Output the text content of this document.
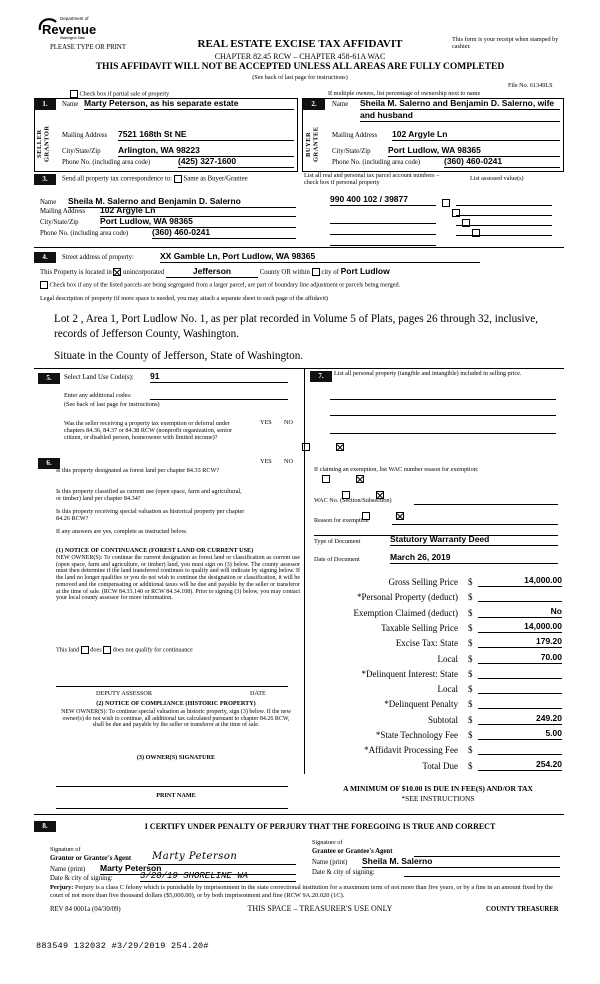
Department of
Revenue
Washington State
PLEASE TYPE OR PRINT	REAL ESTATE EXCISE TAX AFFIDAVIT
CHAPTER 82.45 RCW – CHAPTER 458-61A WAC
THIS AFFIDAVIT WILL NOT BE ACCEPTED UNLESS ALL AREAS ARE FULLY COMPLETED
(See back of last page for instructions)
This form is your receipt when stamped by cashier.
File No. 61349LS
Check box if partial sale of property	If multiple owners, list percentage of ownership next to name
1.
SELLER GRANTOR
Name Marty Peterson, as his separate estate
Mailing Address 7521 168th St NE
City/State/Zip Arlington, WA 98223
Phone No. (including area code)	(425) 327-1600
2.
BUYER GRANTEE
Name Sheila M. Salerno and Benjamin D. Salerno, wife
and husband
Mailing Address 102 Argyle Ln
City/State/Zip Port Ludlow, WA 98365
Phone No. (including area code)	(360) 460-0241
3.	Send all property tax correspondence to: Same as Buyer/Grantee
List all real and personal tax parcel account numbers – check box if personal property
List assessed value(s)
Name Sheila M. Salerno and Benjamin D. Salerno
Mailing Address 102 Argyle Ln
City/State/Zip	Port Ludlow, WA 98365
Phone No. (including area code)	(360) 460-0241
990 400 102 / 39877

4.	Street address of property:	XX Gamble Ln, Port Ludlow, WA 98365
This Property is located in unincorporated	Jefferson	County OR within city of Port Ludlow
Check box if any of the listed parcels are being segregated from a larger parcel, are part of boundary line adjustment or parcels being merged.
Legal description of property (if more space is needed, you may attach a separate sheet to each page of the affidavit)
Lot 2 , Area 1, Port Ludlow No. 1, as per plat recorded in Volume 5 of Plats, pages 26 through 32, inclusive, records of Jefferson County, Washington.
Situate in the County of Jefferson, State of Washington.
5.	Select Land Use Code(s): 91
Enter any additional codes:
(See back of last page for instructions)
YES NO
Was the seller receiving a property tax exemption or deferral under chapters 84.36, 84.37 or 84.38 RCW (nonprofit organization, senior citizen, or disabled person, homeowner with limited income)?

6.	YES NO
Is this property designated as forest land per chapter 84.33 RCW?

Is this property classified as current use (open space, farm and agricultural, or timber) land per chapter 84.34?

Is this property receiving special valuation as historical property per chapter 84.26 RCW?

If any answers are yes, complete as instructed below.
(1) NOTICE OF CONTINUANCE (FOREST LAND OR CURRENT USE)
NEW OWNER(S): To continue the current designation as forest land or classification as current use (open space, farm and agriculture, or timber) land, you must sign on (3) below. The county assessor must then determine if the land transferred continues to qualify and will indicate by signing below. If the land no longer qualifies or you do not wish to continue the designation or classification, it will be removed and the compensating or additional taxes will be due and payable by the seller or transferor at the time of sale. (RCW 84.33.140 or RCW 84.34.108). Prior to signing (3) below, you may contact your local county assessor for more information.
This land does does not qualify for continuance
DEPUTY ASSESSOR	DATE
(2) NOTICE OF COMPLIANCE (HISTORIC PROPERTY)
NEW OWNER(S): To continue special valuation as historic property, sign (3) below. If the new owner(s) do not wish to continue, all additional tax calculated pursuant to chapter 84.26 RCW, shall be due and payable by the seller or transferor at the time of sale.
(3) OWNER(S) SIGNATURE
PRINT NAME
7.	List all personal property (tangible and intangible) included in selling price.
If claiming an exemption, list WAC number reason for exemption:
WAC No. (Section/Subsection)
Reason for exemption
Type of Document	Statutory Warranty Deed
Date of Document	March 26, 2019
Gross Selling Price $	14,000.00
*Personal Property (deduct) $
Exemption Claimed (deduct) $	No
Taxable Selling Price $	14,000.00
Excise Tax: State $	179.20
Local $	70.00
*Delinquent Interest: State $
Local $
*Delinquent Penalty $
Subtotal $	249.20
*State Technology Fee $	5.00
*Affidavit Processing Fee $
Total Due $	254.20
A MINIMUM OF $10.00 IS DUE IN FEE(S) AND/OR TAX
*SEE INSTRUCTIONS
8.	I CERTIFY UNDER PENALTY OF PERJURY THAT THE FOREGOING IS TRUE AND CORRECT
Signature of
Grantor or Grantor's Agent	Marty Peterson
Name (print) Marty Peterson
Date & city of signing:	3/28/19 SHORELINE WA
Signature of
Grantee or Grantee's Agent
Name (print) Sheila M. Salerno
Date & city of signing:
Perjury: Perjury is a class C felony which is punishable by imprisonment in the state correctional institution for a maximum term of not more than five years, or by a fine in an amount fixed by the court of not more than five thousand dollars ($5,000.00), or by both imprisonment and fine (RCW 9A.20.020 (1C).
REV 84 0001a (04/30/09)	THIS SPACE – TREASURER'S USE ONLY	COUNTY TREASURER
883549 132032 #3/29/2019 254.20#
